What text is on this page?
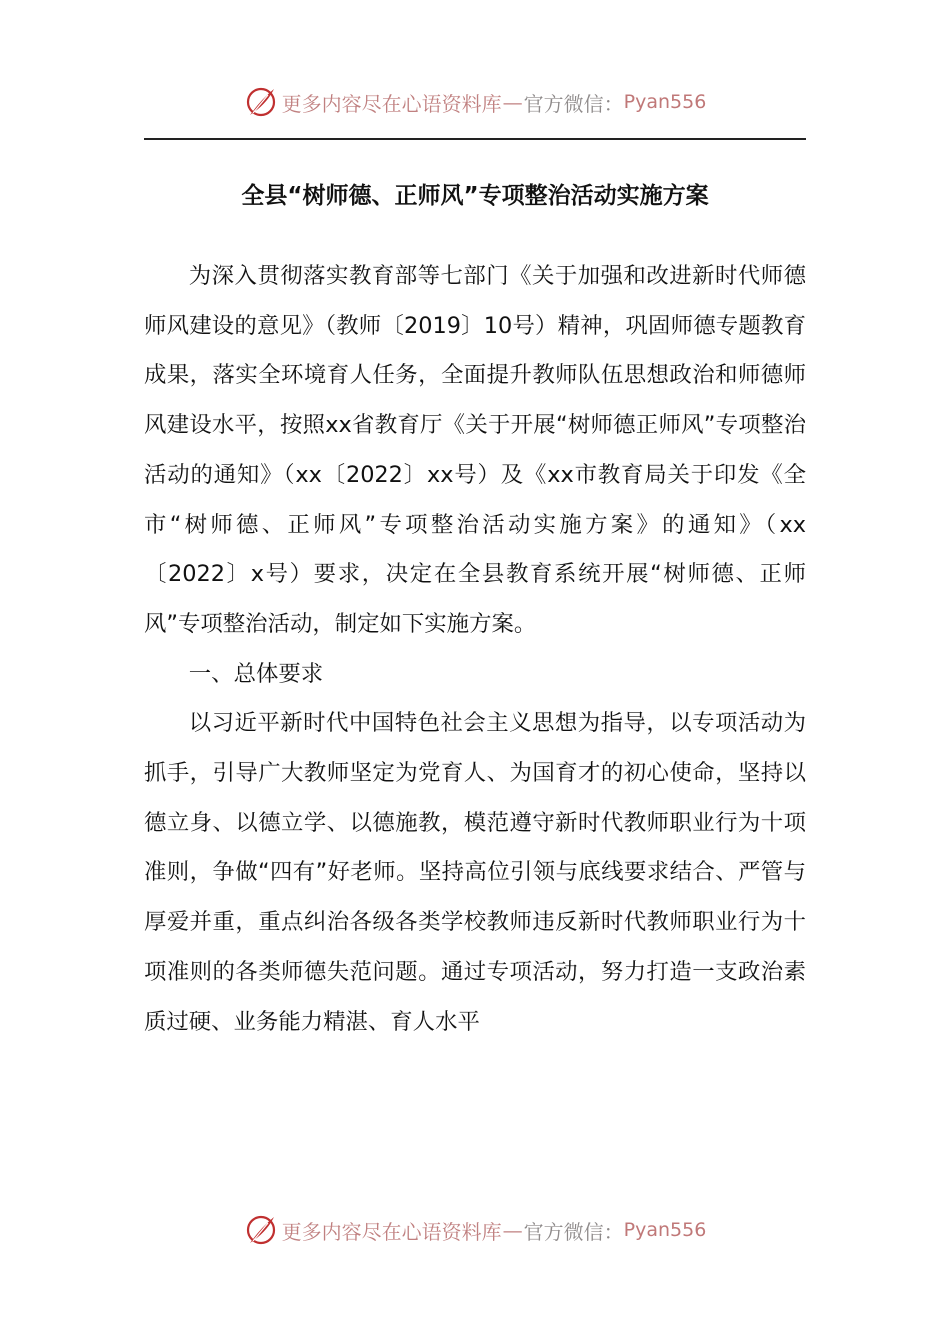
更多内容尽在心语资料库 — 官方微信： Pyan556
全县“树师德、正师风”专项整治活动实施方案

为深入贯彻落实教育部等七部门《关于加强和改进新时代师德师风建设的意见》（教师〔2019〕10号）精神，巩固师德专题教育成果，落实全环境育人任务，全面提升教师队伍思想政治和师德师风建设水平，按照xx省教育厅《关于开展“树师德正师风”专项整治活动的通知》（xx〔2022〕xx号）及《xx市教育局关于印发《全市“树师德、正师风”专项整治活动实施方案》的通知》（xx〔2022〕x号）要求，决定在全县教育系统开展“树师德、正师风”专项整治活动，制定如下实施方案。

一、总体要求

以习近平新时代中国特色社会主义思想为指导，以专项活动为抓手，引导广大教师坚定为党育人、为国育才的初心使命，坚持以德立身、以德立学、以德施教，模范遵守新时代教师职业行为十项准则，争做“四有”好老师。坚持高位引领与底线要求结合、严管与厚爱并重，重点纠治各级各类学校教师违反新时代教师职业行为十项准则的各类师德失范问题。通过专项活动，努力打造一支政治素质过硬、业务能力精湛、育人水平

更多内容尽在心语资料库 — 官方微信： Pyan556
